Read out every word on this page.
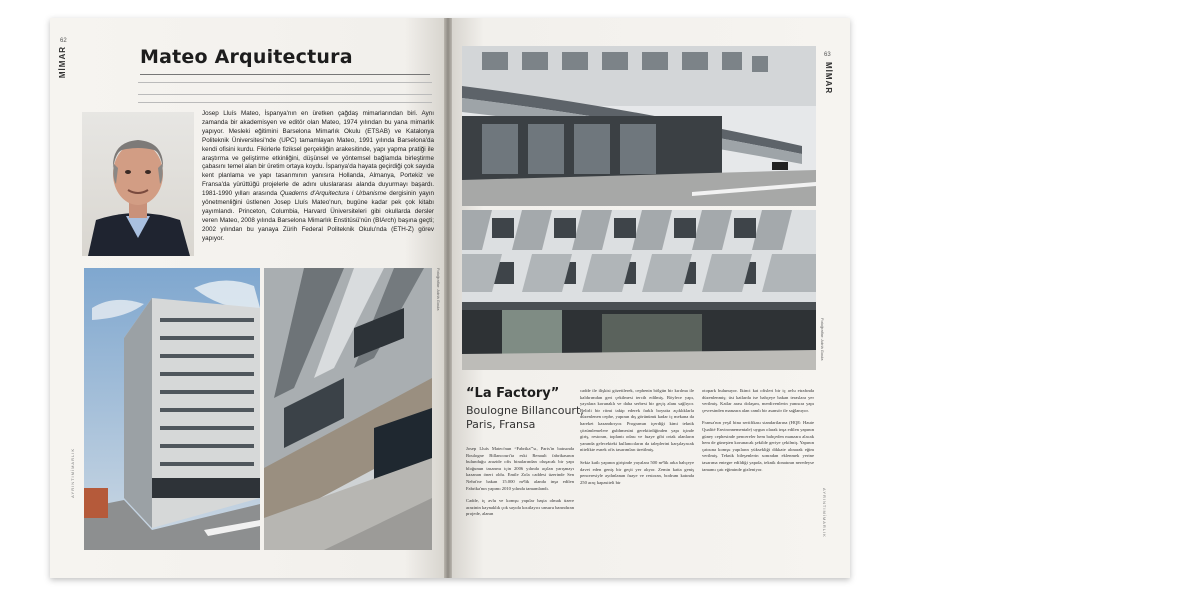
MİMAR
62
Mateo Arquitectura
Josep Lluís Mateo, İspanya'nın en üretken çağdaş mimarlarından biri. Aynı zamanda bir akademisyen ve editör olan Mateo, 1974 yılından bu yana mimarlık yapıyor. Mesleki eğitimini Barselona Mimarlık Okulu (ETSAB) ve Katalonya Politeknik Üniversitesi'nde (UPC) tamamlayan Mateo, 1991 yılında Barselona'da kendi ofisini kurdu. Fikirlerle fiziksel gerçekliğin arakesitinde, yapı yapma pratiği ile araştırma ve geliştirme etkinliğini, düşünsel ve yöntemsel bağlamda birleştirme çabasını temel alan bir üretim ortaya koydu. İspanya'da hayata geçirdiği çok sayıda kent planlama ve yapı tasarımının yanısıra Hollanda, Almanya, Portekiz ve Fransa'da yürüttüğü projelerle de adını uluslararası alanda duyurmayı başardı. 1981-1990 yılları arasında Quaderns d'Arquitectura i Urbanisme dergisinin yayın yönetmenliğini üstlenen Josep Lluís Mateo'nun, bugüne kadar pek çok kitabı yayımlandı. Princeton, Columbia, Harvard Üniversiteleri gibi okullarda dersler veren Mateo, 2008 yılında Barselona Mimarlık Enstitüsü'nün (BIArch) başına geçti; 2002 yılından bu yanaya Zürih Federal Politeknik Okulu'nda (ETH-Z) görev yapıyor.
Fotoğraflar: Adrià Goula
AYRINTIMİMARLIK
63
MİMAR
Fotoğraflar: Adrià Goula
“La Factory”
Boulogne Billancourt, Paris, Fransa
Josep Lluís Mateo'nun “Fabrika”'sı, Paris'in batısında Boulogne Billancourt'ta eski Renault fabrikasının bulunduğu arazide ofis binalarından oluşacak bir yapı bloğunun tasarımı için 2006 yılında açılan yarışmayı kazanan öneri oldu. Emile Zola caddesi üzerinde Sen Nehri'ne bakan 15.000 m²lik alanda inşa edilen Fabrika'nın yapımı 2010 yılında tamamlandı.
Cadde, iç avlu ve komşu yapılar başta olmak üzere arazinin kaynaklık çok sayıda kısıtlayıcı unsuru barındıran projede, alanın
cadde ile ilişkisi gözetilerek, cephenin bölgün bir kırılma ile kaldırımdan geri çekilmesi tercih edilmiş. Böylece yapı, yayalara korunaklı ve daha serbest bir geçiş alanı sağlıyor. Belirli bir ritmi takip ederek farklı boyutta açıklıklarla düzenlenen cephe, yapının dış görünümü kadar iç mekana da hareket kazandırıyor. Programın içerdiği kimi teknik çözümlemelere gubhmesini gerektirdiğinden yapı içinde giriş, restoran, toplantı odası ve fuaye gibi ortak alanların yanında gelecekteki kullanıcıların da taleplerini karşılayacak nitelikte esnek ofis tasarımları üretilmiş.
Sekiz katlı yapının girişinde yayalara 500 m²lik arka bahçeye davet eden geniş bir geçit yer alıyor. Zemin katta geniş penceresiyle aydınlanan fuaye ve restoran, bodrum katında 250 araç kapasiteli bir
otopark bulunuyor. Ikinci kat ofisleri bir iç avlu etrafında düzenlenmiş; üst katlarda ise bahçeye bakan teraslara yer verilmiş. Katlar arası dolaşım, merdivenlerin yanısıra yapı çevresinden manzara alan camlı bir asansör ile sağlanıyor.
Fransa'nın yeşil bina sertifikası standartlarına (HQE: Haute Qualité Environnementale) uygun olarak inşa edilen yapının güney cephesinde pencereler hem bahçeden manzara alacak hem de güneşten korunacak şekilde geriye çekilmiş. Yapının çatısına komşu yapıların yüksekliği dikkate alınarak eğim verilmiş. Teknik bileşenlerin sonradan eklenmek yerine tasarıma entegre edildiği yapıda, teknik donatının neredeyse tamamı çatı eğiminde gizleniyor.
AYRINTIMİMARLIK
